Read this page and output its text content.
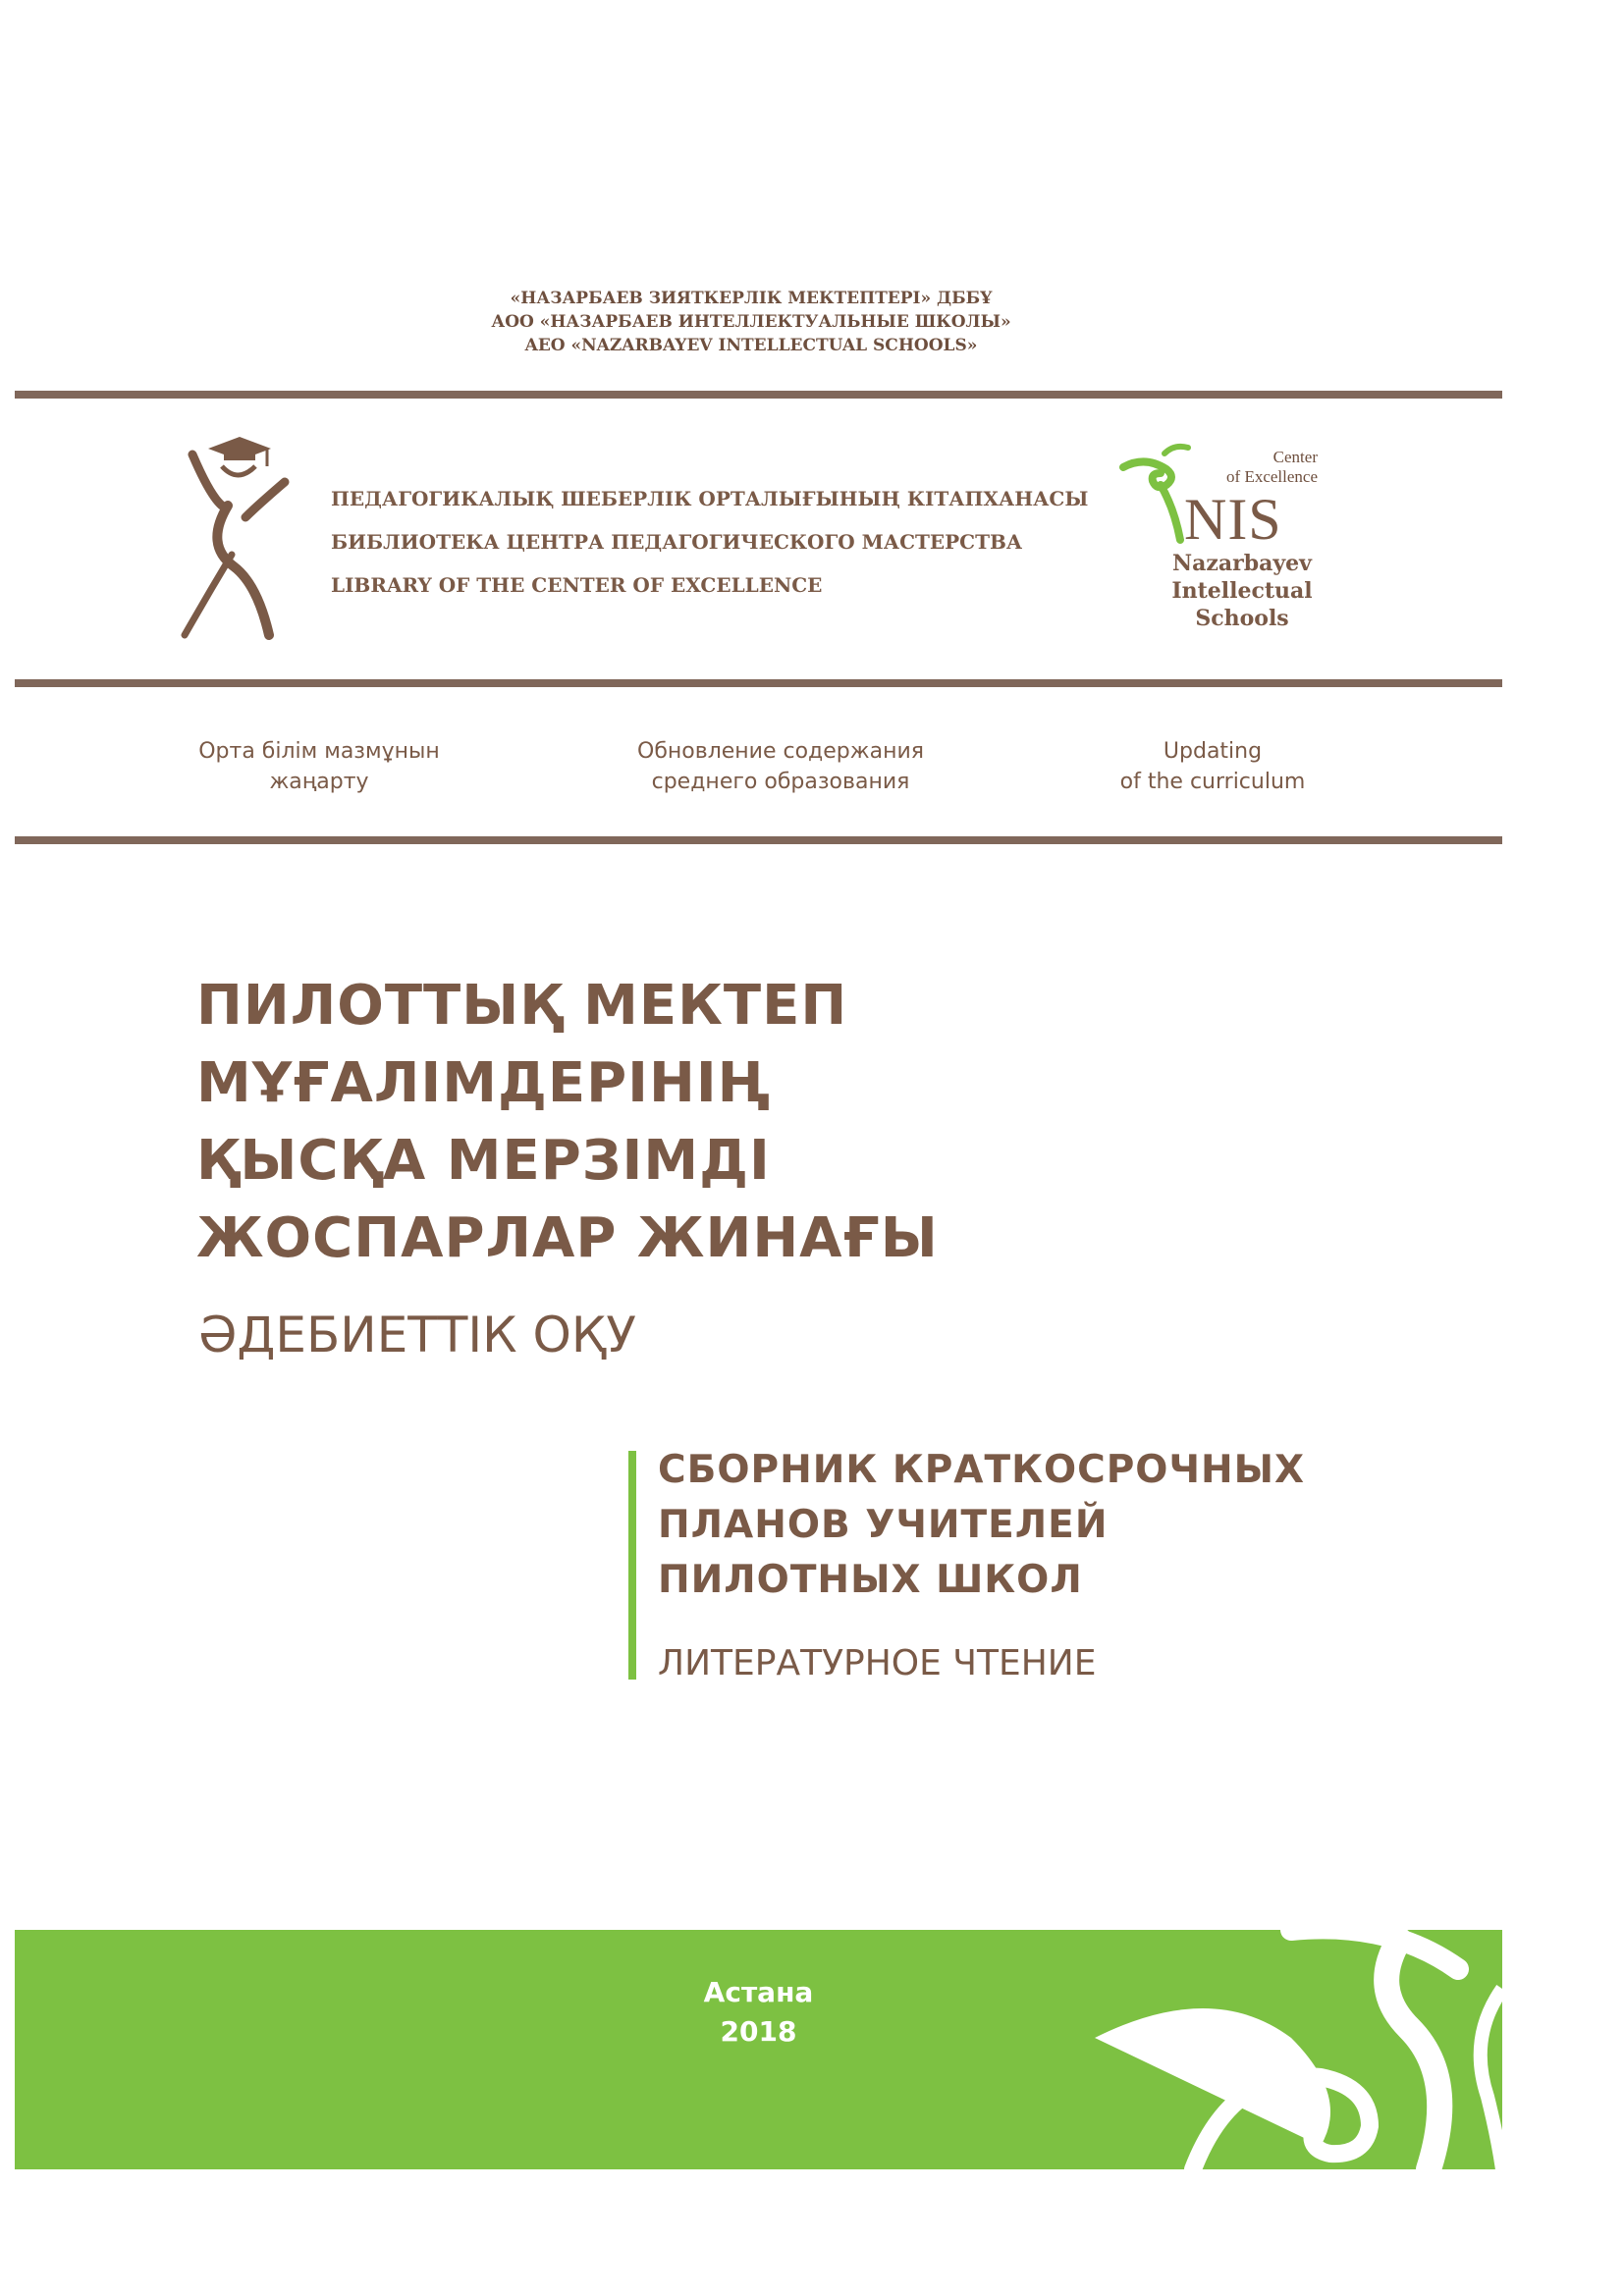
«НАЗАРБАЕВ ЗИЯТКЕРЛІК МЕКТЕПТЕРІ» ДББҰ
АОО «НАЗАРБАЕВ ИНТЕЛЛЕКТУАЛЬНЫЕ ШКОЛЫ»
AEO «NAZARBAYEV INTELLECTUAL SCHOOLS»
ПЕДАГОГИКАЛЫҚ ШЕБЕРЛІК ОРТАЛЫҒЫНЫҢ КІТАПХАНАСЫ
БИБЛИОТЕКА ЦЕНТРА ПЕДАГОГИЧЕСКОГО МАСТЕРСТВА
LIBRARY OF THE CENTER OF EXCELLENCE
Center
of Excellence
NIS
Nazarbayev
Intellectual
Schools
Орта білім мазмұнын
жаңарту
Обновление содержания
среднего образования
Updating
of the curriculum
ПИЛОТТЫҚ МЕКТЕП
МҰҒАЛІМДЕРІНІҢ
ҚЫСҚА МЕРЗІМДІ
ЖОСПАРЛАР ЖИНАҒЫ
ӘДЕБИЕТТІК ОҚУ
СБОРНИК КРАТКОСРОЧНЫХ
ПЛАНОВ УЧИТЕЛЕЙ
ПИЛОТНЫХ ШКОЛ
ЛИТЕРАТУРНОЕ ЧТЕНИЕ
Астана
2018
